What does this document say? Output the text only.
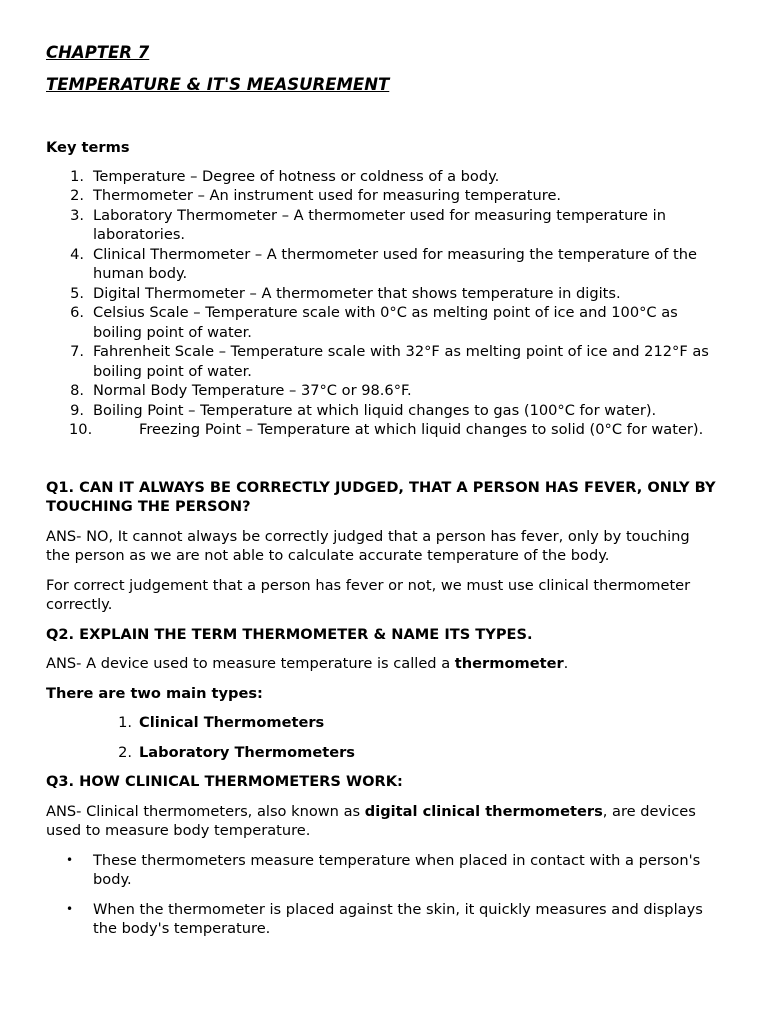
CHAPTER 7

TEMPERATURE & IT'S MEASUREMENT

Key terms

1. Temperature – Degree of hotness or coldness of a body.
2. Thermometer – An instrument used for measuring temperature.
3. Laboratory Thermometer – A thermometer used for measuring temperature in laboratories.
4. Clinical Thermometer – A thermometer used for measuring the temperature of the human body.
5. Digital Thermometer – A thermometer that shows temperature in digits.
6. Celsius Scale – Temperature scale with 0°C as melting point of ice and 100°C as boiling point of water.
7. Fahrenheit Scale – Temperature scale with 32°F as melting point of ice and 212°F as boiling point of water.
8. Normal Body Temperature – 37°C or 98.6°F.
9. Boiling Point – Temperature at which liquid changes to gas (100°C for water).
10.	Freezing Point – Temperature at which liquid changes to solid (0°C for water).

Q1. CAN IT ALWAYS BE CORRECTLY JUDGED, THAT A PERSON HAS FEVER, ONLY BY TOUCHING THE PERSON?

ANS- NO, It cannot always be correctly judged that a person has fever, only by touching the person as we are not able to calculate accurate temperature of the body.

For correct judgement that a person has fever or not, we must use clinical thermometer correctly.

Q2. EXPLAIN THE TERM THERMOMETER & NAME ITS TYPES.

ANS- A device used to measure temperature is called a thermometer.

There are two main types:

1. Clinical Thermometers
2. Laboratory Thermometers

Q3. HOW CLINICAL THERMOMETERS WORK:

ANS- Clinical thermometers, also known as digital clinical thermometers, are devices used to measure body temperature.

• These thermometers measure temperature when placed in contact with a person's body.
• When the thermometer is placed against the skin, it quickly measures and displays the body's temperature.
